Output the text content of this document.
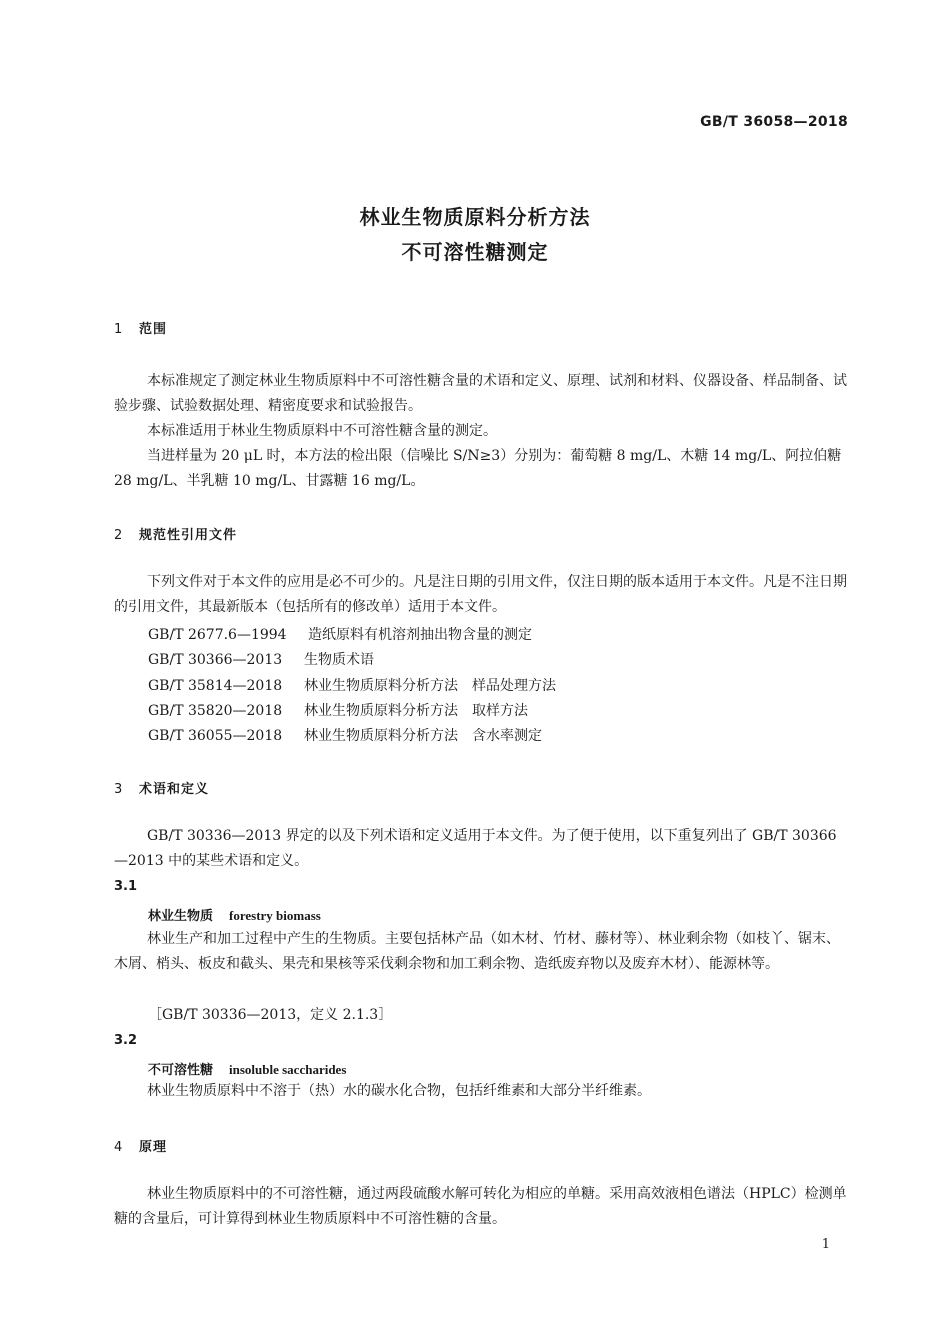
GB/T 36058—2018
林业生物质原料分析方法
不可溶性糖测定
1 范围
本标准规定了测定林业生物质原料中不可溶性糖含量的术语和定义、原理、试剂和材料、仪器设备、样品制备、试验步骤、试验数据处理、精密度要求和试验报告。
本标准适用于林业生物质原料中不可溶性糖含量的测定。
当进样量为 20 μL 时，本方法的检出限（信噪比 S/N≥3）分别为：葡萄糖 8 mg/L、木糖 14 mg/L、阿拉伯糖 28 mg/L、半乳糖 10 mg/L、甘露糖 16 mg/L。
2 规范性引用文件
下列文件对于本文件的应用是必不可少的。凡是注日期的引用文件，仅注日期的版本适用于本文件。凡是不注日期的引用文件，其最新版本（包括所有的修改单）适用于本文件。
GB/T 2677.6—1994 造纸原料有机溶剂抽出物含量的测定
GB/T 30366—2013 生物质术语
GB/T 35814—2018 林业生物质原料分析方法　样品处理方法
GB/T 35820—2018 林业生物质原料分析方法　取样方法
GB/T 36055—2018 林业生物质原料分析方法　含水率测定
3 术语和定义
GB/T 30336—2013 界定的以及下列术语和定义适用于本文件。为了便于使用，以下重复列出了 GB/T 30366—2013 中的某些术语和定义。
3.1
林业生物质 forestry biomass
林业生产和加工过程中产生的生物质。主要包括林产品（如木材、竹材、藤材等）、林业剩余物（如枝丫、锯末、木屑、梢头、板皮和截头、果壳和果核等采伐剩余物和加工剩余物、造纸废弃物以及废弃木材）、能源林等。
［GB/T 30336—2013，定义 2.1.3］
3.2
不可溶性糖 insoluble saccharides
林业生物质原料中不溶于（热）水的碳水化合物，包括纤维素和大部分半纤维素。
4 原理
林业生物质原料中的不可溶性糖，通过两段硫酸水解可转化为相应的单糖。采用高效液相色谱法（HPLC）检测单糖的含量后，可计算得到林业生物质原料中不可溶性糖的含量。
1
